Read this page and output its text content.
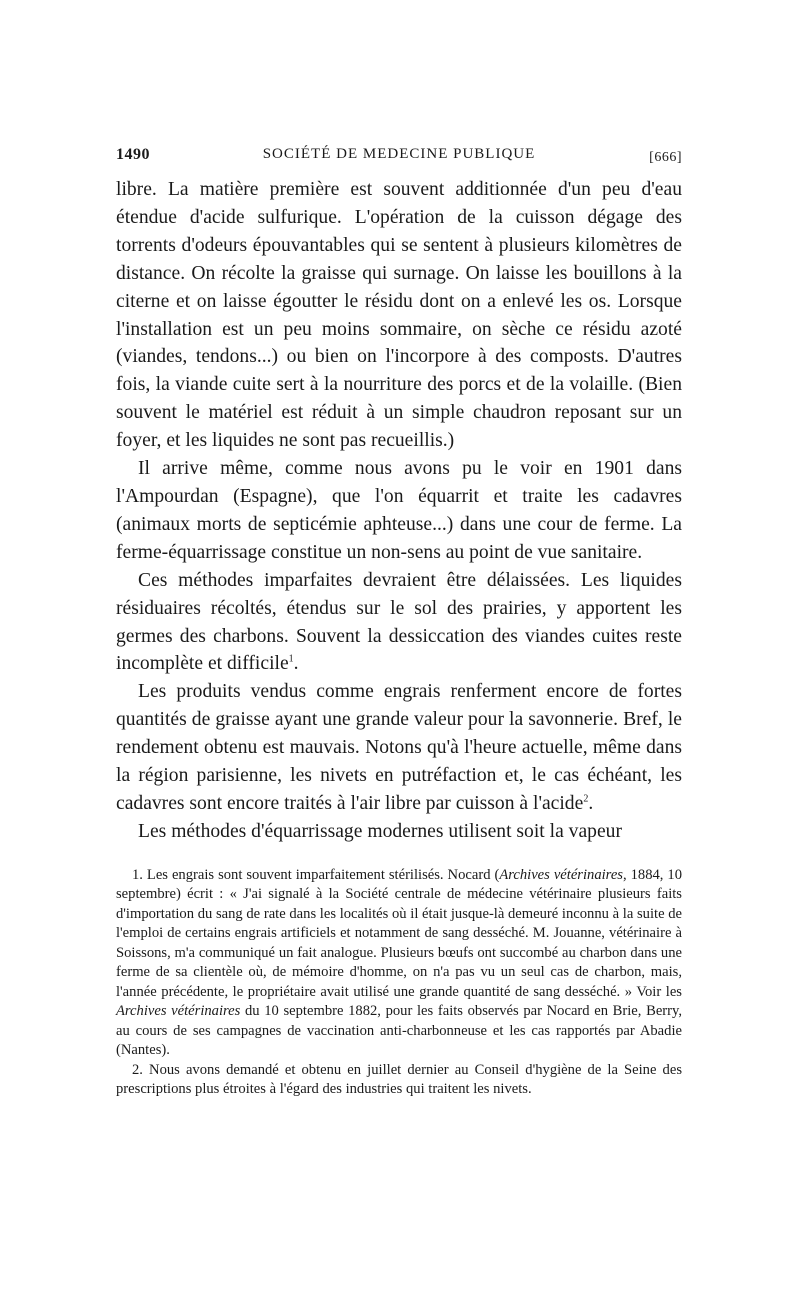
1490	SOCIÉTÉ DE MEDECINE PUBLIQUE	[666]

libre. La matière première est souvent additionnée d'un peu d'eau étendue d'acide sulfurique. L'opération de la cuisson dégage des torrents d'odeurs épouvantables qui se sentent à plusieurs kilomètres de distance. On récolte la graisse qui surnage. On laisse les bouillons à la citerne et on laisse égoutter le résidu dont on a enlevé les os. Lorsque l'installation est un peu moins sommaire, on sèche ce résidu azoté (viandes, tendons...) ou bien on l'incorpore à des composts. D'autres fois, la viande cuite sert à la nourriture des porcs et de la volaille. (Bien souvent le matériel est réduit à un simple chaudron reposant sur un foyer, et les liquides ne sont pas recueillis.)

Il arrive même, comme nous avons pu le voir en 1901 dans l'Ampourdan (Espagne), que l'on équarrit et traite les cadavres (animaux morts de septicémie aphteuse...) dans une cour de ferme. La ferme-équarrissage constitue un non-sens au point de vue sanitaire.

Ces méthodes imparfaites devraient être délaissées. Les liquides résiduaires récoltés, étendus sur le sol des prairies, y apportent les germes des charbons. Souvent la dessiccation des viandes cuites reste incomplète et difficile$^1$.

Les produits vendus comme engrais renferment encore de fortes quantités de graisse ayant une grande valeur pour la savonnerie. Bref, le rendement obtenu est mauvais. Notons qu'à l'heure actuelle, même dans la région parisienne, les nivets en putréfaction et, le cas échéant, les cadavres sont encore traités à l'air libre par cuisson à l'acide$^2$.

Les méthodes d'équarrissage modernes utilisent soit la vapeur

1. Les engrais sont souvent imparfaitement stérilisés. Nocard (Archives vétérinaires, 1884, 10 septembre) écrit : « J'ai signalé à la Société centrale de médecine vétérinaire plusieurs faits d'importation du sang de rate dans les localités où il était jusque-là demeuré inconnu à la suite de l'emploi de certains engrais artificiels et notamment de sang desséché. M. Jouanne, vétérinaire à Soissons, m'a communiqué un fait analogue. Plusieurs bœufs ont succombé au charbon dans une ferme de sa clientèle où, de mémoire d'homme, on n'a pas vu un seul cas de charbon, mais, l'année précédente, le propriétaire avait utilisé une grande quantité de sang desséché. » Voir les Archives vétérinaires du 10 septembre 1882, pour les faits observés par Nocard en Brie, Berry, au cours de ses campagnes de vaccination anti-charbonneuse et les cas rapportés par Abadie (Nantes).

2. Nous avons demandé et obtenu en juillet dernier au Conseil d'hygiène de la Seine des prescriptions plus étroites à l'égard des industries qui traitent les nivets.
